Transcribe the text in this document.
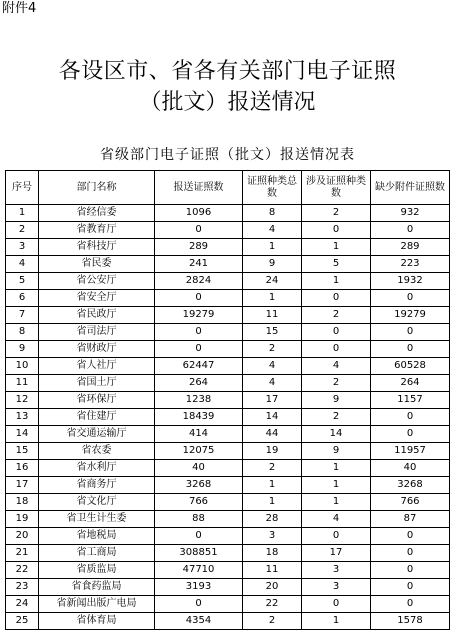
附件4
各设区市、省各有关部门电子证照
（批文）报送情况
省级部门电子证照（批文）报送情况表
序号	部门名称	报送证照数	证照种类总数	涉及证照种类数	缺少附件证照数
1	省经信委	1096	8	2	932
2	省教育厅	0	4	0	0
3	省科技厅	289	1	1	289
4	省民委	241	9	5	223
5	省公安厅	2824	24	1	1932
6	省安全厅	0	1	0	0
7	省民政厅	19279	11	2	19279
8	省司法厅	0	15	0	0
9	省财政厅	0	2	0	0
10	省人社厅	62447	4	4	60528
11	省国土厅	264	4	2	264
12	省环保厅	1238	17	9	1157
13	省住建厅	18439	14	2	0
14	省交通运输厅	414	44	14	0
15	省农委	12075	19	9	11957
16	省水利厅	40	2	1	40
17	省商务厅	3268	1	1	3268
18	省文化厅	766	1	1	766
19	省卫生计生委	88	28	4	87
20	省地税局	0	3	0	0
21	省工商局	308851	18	17	0
22	省质监局	47710	11	3	0
23	省食药监局	3193	20	3	0
24	省新闻出版广电局	0	22	0	0
25	省体育局	4354	2	1	1578
